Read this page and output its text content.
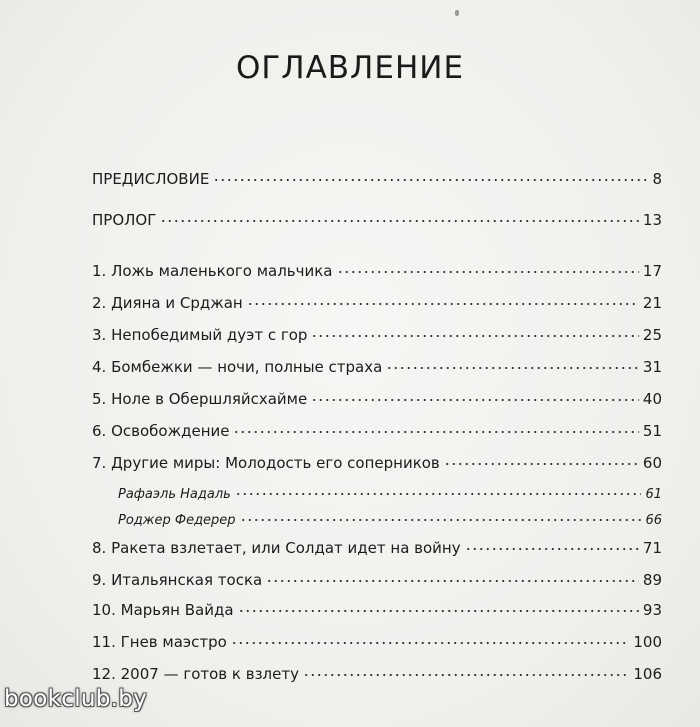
ОГЛАВЛЕНИЕ
ПРЕДИСЛОВИЕ	8
ПРОЛОГ	13
1. Ложь маленького мальчика	17
2. Дияна и Срджан	21
3. Непобедимый дуэт с гор	25
4. Бомбежки — ночи, полные страха	31
5. Ноле в Обершляйсхайме	40
6. Освобождение	51
7. Другие миры: Молодость его соперников	60
Рафаэль Надаль	61
Роджер Федерер	66
8. Ракета взлетает, или Солдат идет на войну	71
9. Итальянская тоска	89
10. Марьян Вайда	93
11. Гнев маэстро	100
12. 2007 — готов к взлету	106
bookclub.by
